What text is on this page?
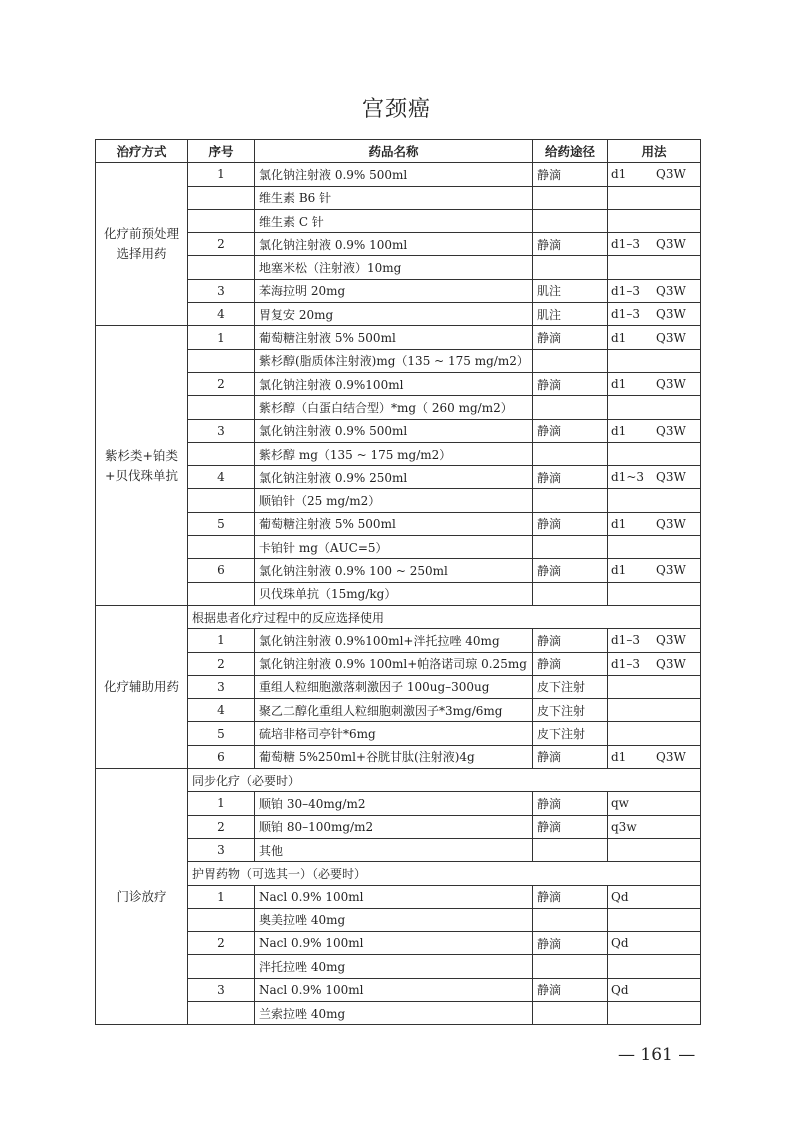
宫颈癌
治疗方式	序号	药品名称	给药途径	用法
化疗前预处理选择用药	1	氯化钠注射液 0.9% 500ml	静滴	d1 Q3W

		维生素 B6 针		

		维生素 C 针		

	2	氯化钠注射液 0.9% 100ml	静滴	d1–3 Q3W

		地塞米松（注射液）10mg		

	3	苯海拉明 20mg	肌注	d1–3 Q3W

	4	胃复安 20mg	肌注	d1–3 Q3W

紫杉类+铂类+贝伐珠单抗	1	葡萄糖注射液 5% 500ml	静滴	d1 Q3W

		紫杉醇(脂质体注射液)mg（135 ~ 175 mg/m2）		

	2	氯化钠注射液 0.9%100ml	静滴	d1 Q3W

		紫杉醇（白蛋白结合型）*mg（ 260 mg/m2）		

	3	氯化钠注射液 0.9% 500ml	静滴	d1 Q3W

		紫杉醇 mg（135 ~ 175 mg/m2）		

	4	氯化钠注射液 0.9% 250ml	静滴	d1~3 Q3W

		顺铂针（25 mg/m2）		

	5	葡萄糖注射液 5% 500ml	静滴	d1 Q3W

		卡铂针 mg（AUC=5）		

	6	氯化钠注射液 0.9% 100 ~ 250ml	静滴	d1 Q3W

		贝伐珠单抗（15mg/kg）		

化疗辅助用药	根据患者化疗过程中的反应选择使用			
	1	氯化钠注射液 0.9%100ml+泮托拉唑 40mg	静滴	d1–3 Q3W

	2	氯化钠注射液 0.9% 100ml+帕洛诺司琼 0.25mg	静滴	d1–3 Q3W

	3	重组人粒细胞激落刺激因子 100ug–300ug	皮下注射	

	4	聚乙二醇化重组人粒细胞刺激因子*3mg/6mg	皮下注射	

	5	硫培非格司亭针*6mg	皮下注射	

	6	葡萄糖 5%250ml+谷胱甘肽(注射液)4g	静滴	d1 Q3W

门诊放疗	同步化疗（必要时）			
	1	顺铂 30–40mg/m2	静滴	qw

	2	顺铂 80–100mg/m2	静滴	q3w

	3	其他		

	护胃药物（可选其一）（必要时）			
	1	Nacl 0.9% 100ml	静滴	Qd

		奥美拉唑 40mg		

	2	Nacl 0.9% 100ml	静滴	Qd

		泮托拉唑 40mg		

	3	Nacl 0.9% 100ml	静滴	Qd

		兰索拉唑 40mg		
— 161 —
